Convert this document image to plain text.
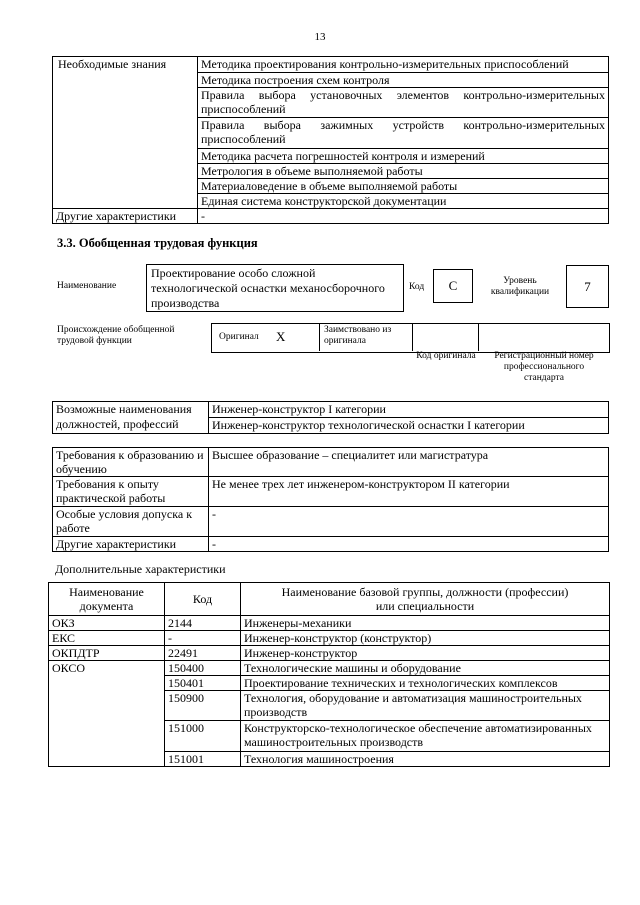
13
Необходимые знания	Методика проектирования контрольно-измерительных приспособлений
	Методика построения схем контроля
	Правила выбора установочных элементов контрольно-измерительных приспособлений
	Правила выбора зажимных устройств контрольно-измерительных приспособлений
	Методика расчета погрешностей контроля и измерений
	Метрология в объеме выполняемой работы
	Материаловедение в объеме выполняемой работы
	Единая система конструкторской документации
Другие характеристики	-
3.3. Обобщенная трудовая функция
Наименование
Проектирование особо сложной технологической оснастки механосборочного производства
Код	C	Уровень квалификации	7
Происхождение обобщенной трудовой функции	Оригинал X	Заимствовано из оригинала
Код оригинала	Регистрационный номер профессионального стандарта
Возможные наименования должностей, профессий	Инженер-конструктор I категории
Инженер-конструктор технологической оснастки I категории
Требования к образованию и обучению	Высшее образование – специалитет или магистратура
Требования к опыту практической работы	Не менее трех лет инженером-конструктором II категории
Особые условия допуска к работе	-
Другие характеристики	-
Дополнительные характеристики
Наименование документа	Код	Наименование базовой группы, должности (профессии) или специальности
ОКЗ	2144	Инженеры-механики
ЕКС	-	Инженер-конструктор (конструктор)
ОКПДТР	22491	Инженер-конструктор
ОКСО	150400	Технологические машины и оборудование
	150401	Проектирование технических и технологических комплексов
	150900	Технология, оборудование и автоматизация машиностроительных производств
	151000	Конструкторско-технологическое обеспечение автоматизированных машиностроительных производств
	151001	Технология машиностроения
